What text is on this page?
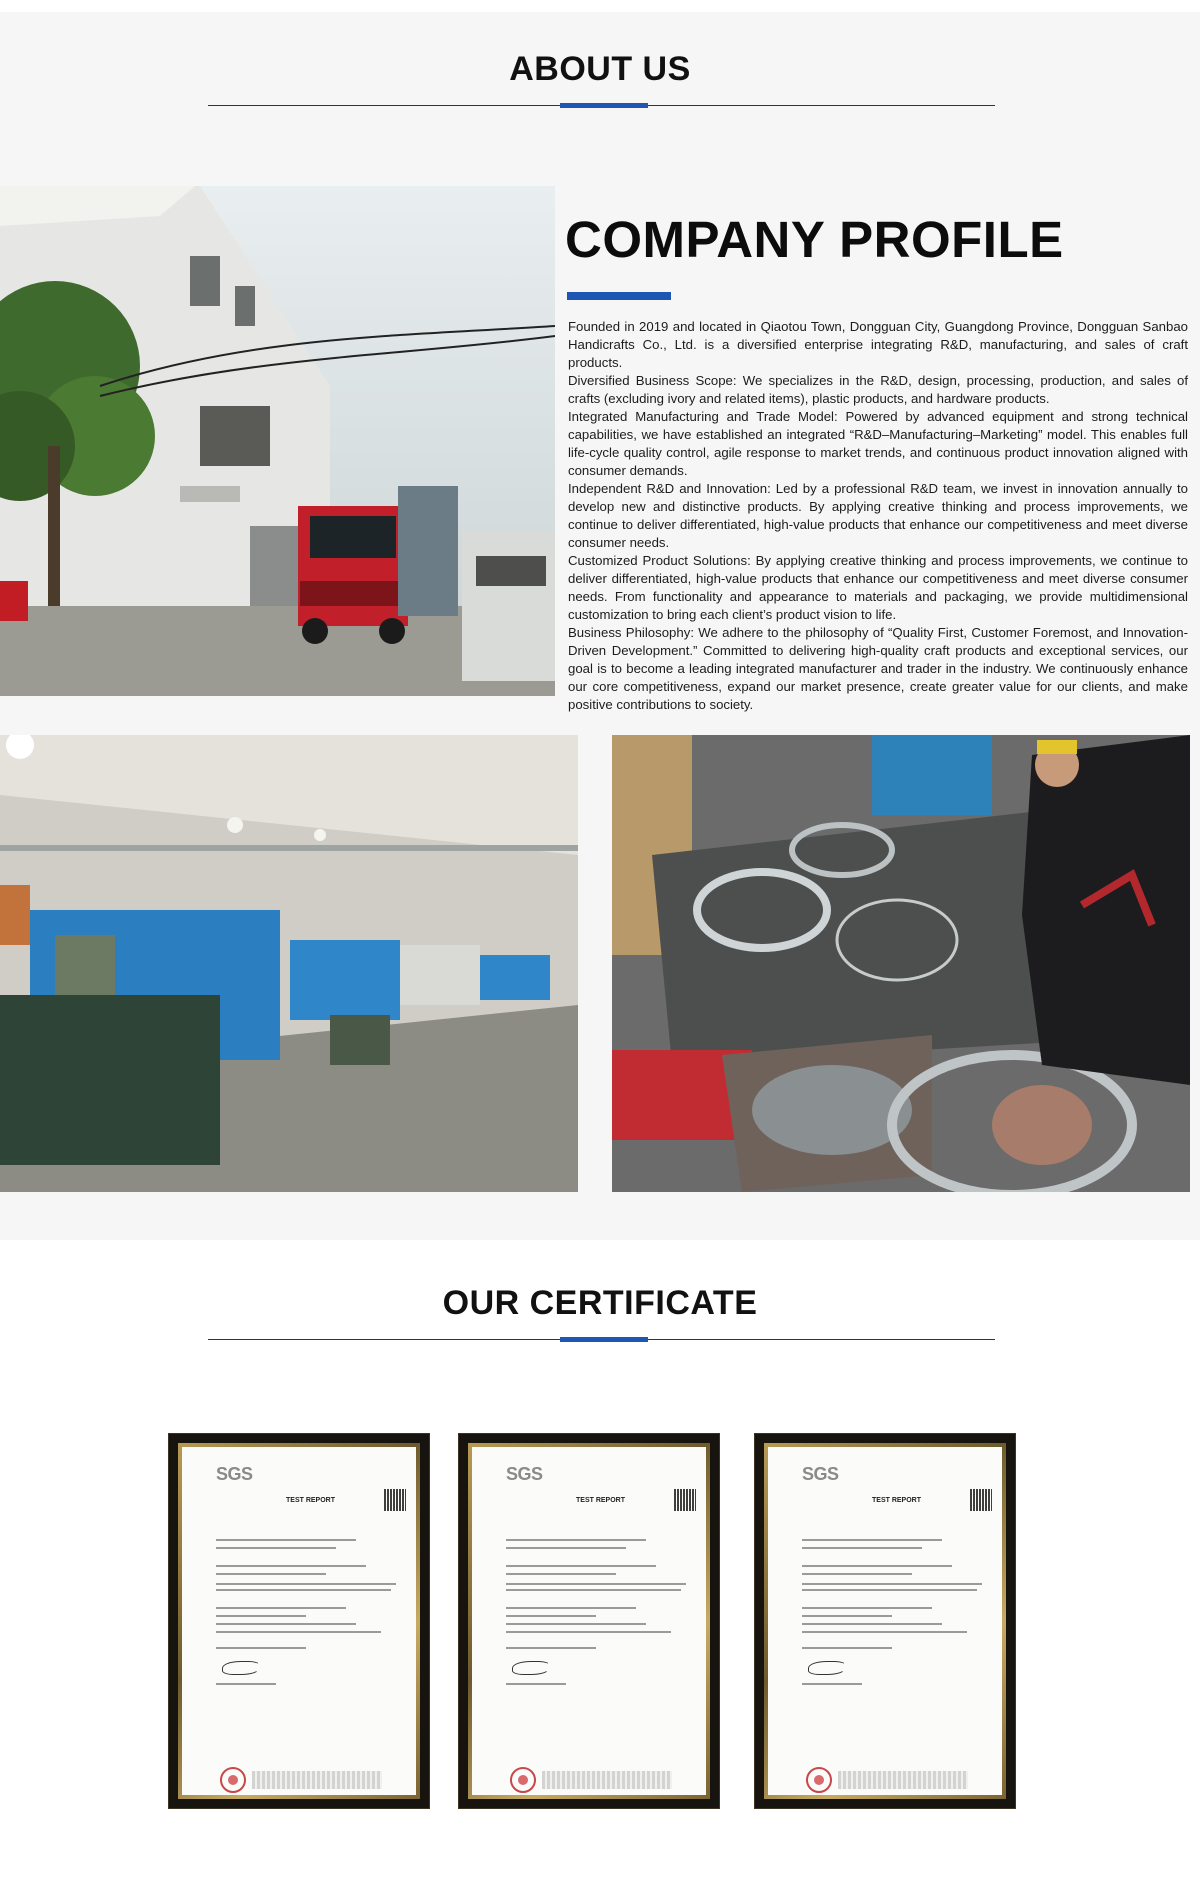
ABOUT US
COMPANY PROFILE

Founded in 2019 and located in Qiaotou Town, Dongguan City, Guangdong Province, Dongguan Sanbao Handicrafts Co., Ltd. is a diversified enterprise integrating R&D, manufacturing, and sales of craft products.

Diversified Business Scope: We specializes in the R&D, design, processing, production, and sales of crafts (excluding ivory and related items), plastic products, and hardware products.

Integrated Manufacturing and Trade Model: Powered by advanced equipment and strong technical capabilities, we have established an integrated “R&D–Manufacturing–Marketing” model. This enables full life-cycle quality control, agile response to market trends, and continuous product innovation aligned with consumer demands.

Independent R&D and Innovation: Led by a professional R&D team, we invest in innovation annually to develop new and distinctive products. By applying creative thinking and process improvements, we continue to deliver differentiated, high-value products that enhance our competitiveness and meet diverse consumer needs.

Customized Product Solutions: By applying creative thinking and process improvements, we continue to deliver differentiated, high-value products that enhance our competitiveness and meet diverse consumer needs. From functionality and appearance to materials and packaging, we provide multidimensional customization to bring each client’s product vision to life.

Business Philosophy: We adhere to the philosophy of “Quality First, Customer Foremost, and Innovation-Driven Development.” Committed to delivering high-quality craft products and exceptional services, our goal is to become a leading integrated manufacturer and trader in the industry. We continuously enhance our core competitiveness, expand our market presence, create greater value for our clients, and make positive contributions to society.

OUR CERTIFICATE
SGS
TEST REPORT
SGS
TEST REPORT
SGS
TEST REPORT
